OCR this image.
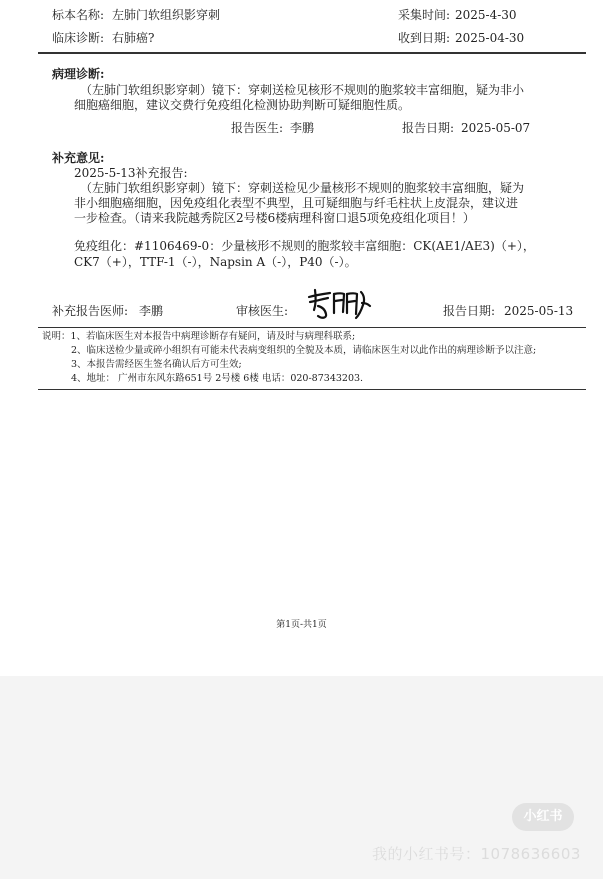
标本名称: 左肺门软组织影穿刺	采集时间: 2025-4-30
临床诊断: 右肺癌?	收到日期: 2025-04-30
病理诊断:
（左肺门软组织影穿刺）镜下：穿刺送检见核形不规则的胞浆较丰富细胞，疑为非小
细胞癌细胞，建议交费行免疫组化检测协助判断可疑细胞性质。
报告医生: 李鹏	报告日期: 2025-05-07
补充意见:
2025-5-13补充报告:
（左肺门软组织影穿刺）镜下：穿刺送检见少量核形不规则的胞浆较丰富细胞，疑为
非小细胞癌细胞，因免疫组化表型不典型，且可疑细胞与纤毛柱状上皮混杂，建议进
一步检查。（请来我院越秀院区2号楼6楼病理科窗口退5项免疫组化项目！）
免疫组化：#1106469-0：少量核形不规则的胞浆较丰富细胞：CK(AE1/AE3)（+），
CK7（+），TTF-1（-），Napsin A（-），P40（-）。
补充报告医师: 李鹏	审核医生:	报告日期: 2025-05-13
说明：1、若临床医生对本报告中病理诊断存有疑问，请及时与病理科联系;
2、临床送检少量或碎小组织有可能未代表病变组织的全貌及本质，请临床医生对以此作出的病理诊断予以注意;
3、本报告需经医生签名确认后方可生效;
4、地址： 广州市东风东路651号 2号楼 6楼 电话：020-87343203.
第1页-共1页
小红书
我的小红书号：1078636603
